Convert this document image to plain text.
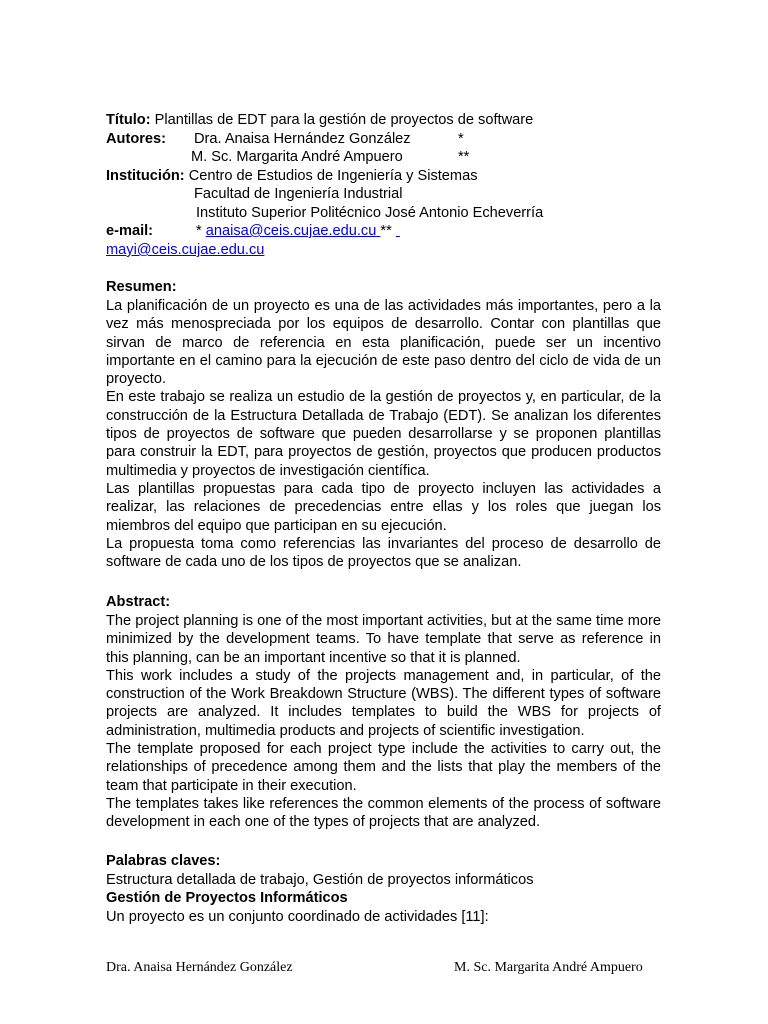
Título: Plantillas de EDT para la gestión de proyectos de software
Autores: Dra. Anaisa Hernández González	*
M. Sc. Margarita André Ampuero	**
Institución: Centro de Estudios de Ingeniería y Sistemas
Facultad de Ingeniería Industrial
Instituto Superior Politécnico José Antonio Echeverría
e-mail:	* anaisa@ceis.cujae.edu.cu **
mayi@ceis.cujae.edu.cu
Resumen:

La planificación de un proyecto es una de las actividades más importantes, pero a la vez más menospreciada por los equipos de desarrollo. Contar con plantillas que sirvan de marco de referencia en esta planificación, puede ser un incentivo importante en el camino para la ejecución de este paso dentro del ciclo de vida de un proyecto.

En este trabajo se realiza un estudio de la gestión de proyectos y, en particular, de la construcción de la Estructura Detallada de Trabajo (EDT). Se analizan los diferentes tipos de proyectos de software que pueden desarrollarse y se proponen plantillas para construir la EDT, para proyectos de gestión, proyectos que producen productos multimedia y proyectos de investigación científica.

Las plantillas propuestas para cada tipo de proyecto incluyen las actividades a realizar, las relaciones de precedencias entre ellas y los roles que juegan los miembros del equipo que participan en su ejecución.

La propuesta toma como referencias las invariantes del proceso de desarrollo de software de cada uno de los tipos de proyectos que se analizan.

Abstract:

The project planning is one of the most important activities, but at the same time more minimized by the development teams. To have template that serve as reference in this planning, can be an important incentive so that it is planned.

This work includes a study of the projects management and, in particular, of the construction of the Work Breakdown Structure (WBS). The different types of software projects are analyzed. It includes templates to build the WBS for projects of administration, multimedia products and projects of scientific investigation.

The template proposed for each project type include the activities to carry out, the relationships of precedence among them and the lists that play the members of the team that participate in their execution.

The templates takes like references the common elements of the process of software development in each one of the types of projects that are analyzed.

Palabras claves:
Estructura detallada de trabajo, Gestión de proyectos informáticos
Gestión de Proyectos Informáticos
Un proyecto es un conjunto coordinado de actividades [11]:
Dra. Anaisa Hernández González	M. Sc. Margarita André Ampuero
